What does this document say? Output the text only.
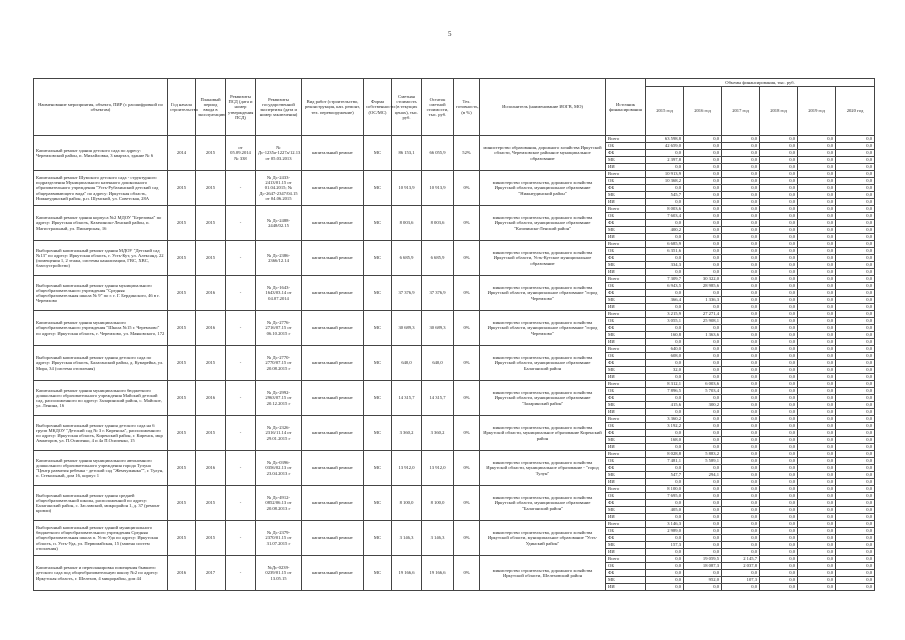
5
Наименование мероприятия, объекта, ПИР (с расшифровкой по объектам)	Год начала строительства	Плановый период ввода в эксплуатацию	Реквизиты ПСД (дата и номер утверждения ПСД)	Реквизиты государственной экспертизы (дата и номер заключения)	Вид работ (строительство, реконструкция, кап. ремонт, тех. перевооружение)	Форма собственности (ОС/МС)	Сметная стоимость (в текущих ценах), тыс. руб.	Остаток сметной стоимости, тыс. руб.	Тех. готовность, (в %)	Исполнитель (наименование ИОГВ, МО)	Источник финансирования	Объемы финансирования, тыс. руб.					
												2015 год	2016 год	2017 год	2018 год	2019 год	2020 год
Капитальный ремонт здания детского сада по адресу: Черемховский район, п. Михайловка, 3 квартал, здание № 6	2014	2015	от 05.09.2014 № 338	№ Дс-1235а-1227а/12.13 от 05.03.2013	капитальный ремонт	МС	86 153,1	66 055,9	52%	министерство образования, дорожного хозяйства Иркутской области, Черемховское районное муниципальное образование	Всего	63 598,8	0,0	0,0	0,0	0,0	0,0
											ОБ	42 659,0	0,0	0,0	0,0	0,0	0,0
											ФБ	0,0	0,0	0,0	0,0	0,0	0,0
											МБ	2 397,8	0,0	0,0	0,0	0,0	0,0
											ИИ	0,0	0,0	0,0	0,0	0,0	0,0
Капитальный ремонт Шумского детского сада - структурного подразделения Муниципального казенного дошкольного образовательного учреждения "Усть-Рубахинский детский сад общеразвивающего вида" по адресу: Иркутская область, Нижнеудинский район, р.п. Шумский, ул. Советская, 28А	2015	2015	-	№ Дс-2433-2413/01.15 от 01.04.2015; № Дс-2647-2347/04.15 от 04.06.2015	капитальный ремонт	МС	10 913,9	10 913,9	0%	министерство строительства, дорожного хозяйства Иркутской области, муниципальное образование "Нижнеудинский район"	Всего	10 913,9	0,0	0,0	0,0	0,0	0,0
											ОБ	10 368,2	0,0	0,0	0,0	0,0	0,0
											ФБ	0,0	0,0	0,0	0,0	0,0	0,0
											МБ	545,7	0,0	0,0	0,0	0,0	0,0
											ИИ	0,0	0,0	0,0	0,0	0,0	0,0
Капитальный ремонт здания корпуса №2 МДОУ "Березовка" по адресу: Иркутская область, Казачинско-Ленский район, п. Магистральный, ул. Пионерская, 16	2015	2015	-	№ Дс-2488-2448/02.15	капитальный ремонт	МС	8 003,6	8 003,6	0%	министерство строительства, дорожного хозяйства Иркутской области, муниципальное образование "Казачинско-Ленский район"	Всего	8 003,6	0,0	0,0	0,0	0,0	0,0
											ОБ	7 603,4	0,0	0,0	0,0	0,0	0,0
											ФБ	0,0	0,0	0,0	0,0	0,0	0,0
											МБ	400,2	0,0	0,0	0,0	0,0	0,0
											ИИ	0,0	0,0	0,0	0,0	0,0	0,0
Выборочный капитальный ремонт здания МДОУ "Детский сад №13" по адресу: Иркутская область, г. Усть-Кут, ул. Александ. 22 (помещения 1, 2 этажа, системы канализации, ГВС, ХВС, благоустройство)	2015	2015	-	№ Дс-2386-2366/12.14	капитальный ремонт	МС	6 685,9	6 685,9	0%	министерство строительства, дорожного хозяйства Иркутской области, Усть-Кутское муниципальное образование	Всего	6 685,9	0,0	0,0	0,0	0,0	0,0
											ОБ	6 351,6	0,0	0,0	0,0	0,0	0,0
											ФБ	0,0	0,0	0,0	0,0	0,0	0,0
											МБ	334,3	0,0	0,0	0,0	0,0	0,0
											ИИ	0,0	0,0	0,0	0,0	0,0	0,0
Выборочный капитальный ремонт здания муниципального общеобразовательного учреждения "Средняя общеобразовательная школа № 9" по г. г. Г. Бердинского, 46 в г. Черемхово	2015	2016	-	№ Дс-1643-1643/03.14 от 04.07.2014	капитальный ремонт	МС	37 376,9	37 376,9	0%	министерство строительства, дорожного хозяйства Иркутской области, муниципальное образование "город Черемхово"	Всего	7 309,7	30 322,0	0,0	0,0	0,0	0,0
											ОБ	6 943,5	28 985,6	0,0	0,0	0,0	0,0
											ФБ	0,0	0,0	0,0	0,0	0,0	0,0
											МБ	366,4	1 336,3	0,0	0,0	0,0	0,0
											ИИ	0,0	0,0	0,0	0,0	0,0	0,0
Капитальный ремонт здания муниципального общеобразовательного учреждения "Школа №15 г. Черемхово" по адресу: Иркутская область, г. Черемхово, ул. Маяковского, 172	2015	2016	-	№ Дс-2776-2716/07.15 от 06.10.2015 г	капитальный ремонт	МС	30 689,3	30 689,3	0%	министерство строительства, дорожного хозяйства Иркутской области, муниципальное образование "город Черемхово"	Всего	3 215,9	27 271,4	0,0	0,0	0,0	0,0
											ОБ	3 055,1	25 908,1	0,0	0,0	0,0	0,0
											ФБ	0,0	0,0	0,0	0,0	0,0	0,0
											МБ	160,8	1 363,6	0,0	0,0	0,0	0,0
											ИИ	0,0	0,0	0,0	0,0	0,0	0,0
Выборочный капитальный ремонт здания детского сада по адресу: Иркутская область, Балаганский район, д. Кумарейка, ул. Мира, 34 (система отопления)	2015	2015	-	№ Дс-2770-2770/07.15 от 20.08.2015 г	капитальный ремонт	МС	640,0	640,0	0%	министерство строительства, дорожного хозяйства Иркутской области, муниципальное образование Балаганский район	Всего	640,0	0,0	0,0	0,0	0,0	0,0
											ОБ	608,0	0,0	0,0	0,0	0,0	0,0
											ФБ	0,0	0,0	0,0	0,0	0,0	0,0
											МБ	32,0	0,0	0,0	0,0	0,0	0,0
											ИИ	0,0	0,0	0,0	0,0	0,0	0,0
Капитальный ремонт здания муниципального бюджетного дошкольного образовательного учреждения Майский детский сад, расположенного по адресу: Заларинский район, с. Майское, ул. Ленина, 16	2015	2016	-	№ Дс-2992-2963/07.15 от 20.12.2015 г	капитальный ремонт	МС	14 315,7	14 315,7	0%	министерство строительства, дорожного хозяйства Иркутской области, муниципальное образование "Заларинский район"	Всего	8 312,1	6 003,6	0,0	0,0	0,0	0,0
											ОБ	7 896,5	5 703,4	0,0	0,0	0,0	0,0
											ФБ	0,0	0,0	0,0	0,0	0,0	0,0
											МБ	415,6	300,2	0,0	0,0	0,0	0,0
											ИИ	0,0	0,0	0,0	0,0	0,0	0,0
Выборочный капитальный ремонт здания детского сада на 6 групп МКДОУ "Детский сад № 3 г. Киренска", расположенного по адресу: Иркутская область, Киренский район, г. Киренск, мкр Авиаторов, ул. П.Осипенко, 4 и 4а П.Осипенко, 15	2015	2015	-	№ Дс-2326-2316/11.14 от 29.01.2015 г	капитальный ремонт	МС	3 360,2	3 360,2	0%	министерство строительства, дорожного хозяйства Иркутской области, муниципальное образование Киренский район	Всего	3 360,2	0,0	0,0	0,0	0,0	0,0
											ОБ	3 192,2	0,0	0,0	0,0	0,0	0,0
											ФБ	0,0	0,0	0,0	0,0	0,0	0,0
											МБ	168,0	0,0	0,0	0,0	0,0	0,0
											ИИ	0,0	0,0	0,0	0,0	0,0	0,0
Капитальный ремонт здания муниципального автономного дошкольного образовательного учреждения города Тулуна "Центр развития ребенка - детский сад "Жемчужинка"", г. Тулун, п. Стекольный, дом 16, корпус 1	2015	2016	-	№ Дс-0396-0356/02.13 от 23.04.2013 г	капитальный ремонт	МС	13 912,0	13 912,0	0%	министерство строительства, дорожного хозяйства Иркутской области, муниципальное образование - "город Тулун"	Всего	8 028,8	5 883,2	0,0	0,0	0,0	0,0
											ОБ	7 481,1	5 589,1	0,0	0,0	0,0	0,0
											ФБ	0,0	0,0	0,0	0,0	0,0	0,0
											МБ	547,7	294,1	0,0	0,0	0,0	0,0
											ИИ	0,0	0,0	0,0	0,0	0,0	0,0
Выборочный капитальный ремонт здания средней общеобразовательной школы, расположенной по адресу: Балаганский район, с. Заславский, микрорайон 1, д. 37 (ремонт кровли)	2015	2015	-	№ Дс-4912-0852/06.13 от 20.08.2013 г	капитальный ремонт	МС	8 100,0	8 100,0	0%	министерство строительства, дорожного хозяйства Иркутской области, муниципальное образование "Балаганский район"	Всего	8 100,0	0,0	0,0	0,0	0,0	0,0
											ОБ	7 695,0	0,0	0,0	0,0	0,0	0,0
											ФБ	0,0	0,0	0,0	0,0	0,0	0,0
											МБ	405,0	0,0	0,0	0,0	0,0	0,0
											ИИ	0,0	0,0	0,0	0,0	0,0	0,0
Выборочный капитальный ремонт зданий муниципального бюджетного общеобразовательного учреждения Средняя общеобразовательная школа п. Усть-Уда по адресу: Иркутская область, п. Усть-Уда, ул. Первомайская, 15 (замена систем отопления)	2015	2015	-	№ Дс-2379-2370/01.15 от 31.07.2015 г	капитальный ремонт	МС	3 146,3	3 146,3	0%	министерство строительства, дорожного хозяйства Иркутской области, муниципальное образование "Усть-Удинский район"	Всего	3 146,3	0,0	0,0	0,0	0,0	0,0
											ОБ	2 989,0	0,0	0,0	0,0	0,0	0,0
											ФБ	0,0	0,0	0,0	0,0	0,0	0,0
											МБ	157,3	0,0	0,0	0,0	0,0	0,0
											ИИ	0,0	0,0	0,0	0,0	0,0	0,0
Капитальный ремонт и перепланировка помещения бывшего детского сада под общеобразовательную школу №2 по адресу: Иркутская область, г. Шелехов, 4 микрорайон, дом 44	2016	2017	-	№Дс-0239-0239/01.15 от 13.05.15	капитальный ремонт	МС	19 166,6	19 166,6	0%	министерство строительства, дорожного хозяйства Иркутской области, Шелеховский район	Всего	0,0	19 059,5	2 145,7	0,0	0,0	0,0
											ОБ	0,0	18 087,3	2 037,8	0,0	0,0	0,0
											ФБ	0,0	0,0	0,0	0,0	0,0	0,0
											МБ	0,0	952,0	107,3	0,0	0,0	0,0
											ИИ	0,0	0,0	0,0	0,0	0,0	0,0
